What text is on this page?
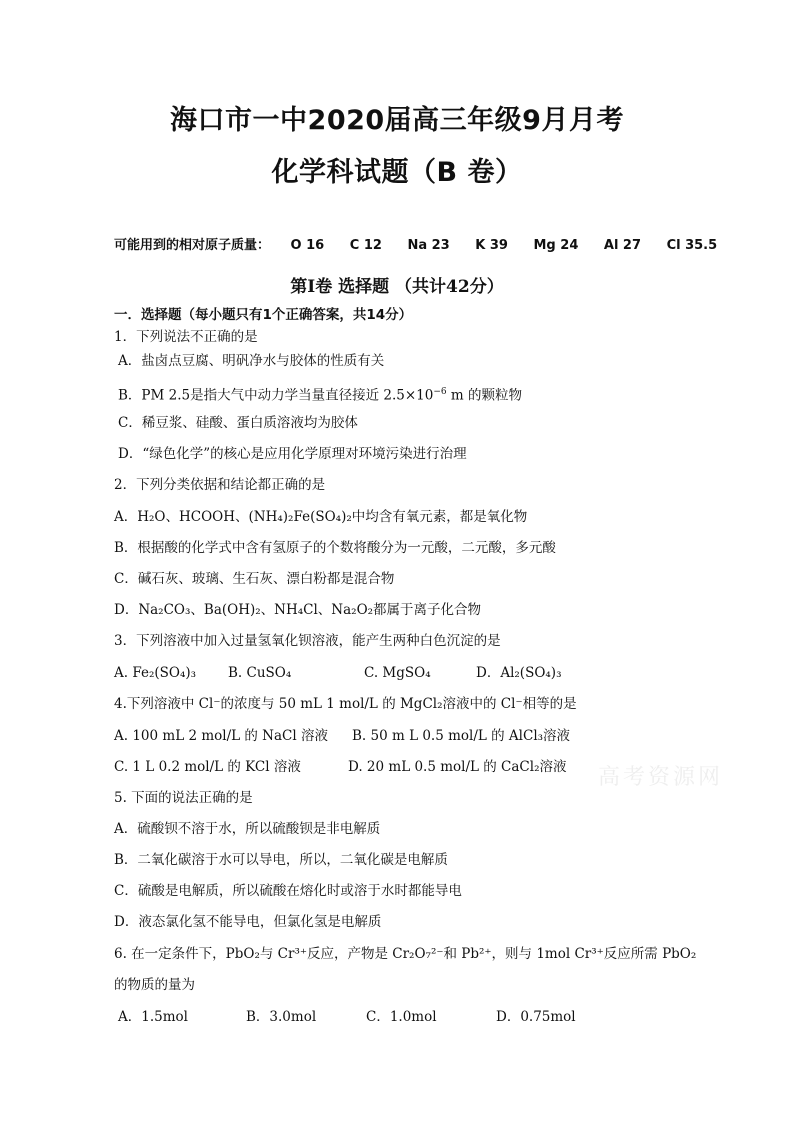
海口市一中2020届高三年级9月月考
化学科试题（B 卷）
可能用到的相对原子质量： O 16 C 12 Na 23 K 39 Mg 24 Al 27 Cl 35.5
第Ⅰ卷 选择题 （共计42分）
一．选择题（每小题只有1个正确答案，共14分）
1．下列说法不正确的是
A．盐卤点豆腐、明矾净水与胶体的性质有关
B．PM 2.5是指大气中动力学当量直径接近 $2.5\times 10^{-6}$ m 的颗粒物
C．稀豆浆、硅酸、蛋白质溶液均为胶体
D．“绿色化学”的核心是应用化学原理对环境污染进行治理
2．下列分类依据和结论都正确的是
A．H₂O、HCOOH、(NH₄)₂Fe(SO₄)₂中均含有氧元素，都是氧化物
B．根据酸的化学式中含有氢原子的个数将酸分为一元酸，二元酸，多元酸
C．碱石灰、玻璃、生石灰、漂白粉都是混合物
D．Na₂CO₃、Ba(OH)₂、NH₄Cl、Na₂O₂都属于离子化合物
3．下列溶液中加入过量氢氧化钡溶液，能产生两种白色沉淀的是
A. Fe₂(SO₄)₃ B. CuSO₄	C. MgSO₄	D．Al₂(SO₄)₃
4.下列溶液中 Cl⁻的浓度与 50 mL 1 mol/L 的 MgCl₂溶液中的 Cl⁻相等的是
A. 100 mL 2 mol/L 的 NaCl 溶液 B. 50 m L 0.5 mol/L 的 AlCl₃溶液
C. 1 L 0.2 mol/L 的 KCl 溶液	D. 20 mL 0.5 mol/L 的 CaCl₂溶液
5. 下面的说法正确的是
A．硫酸钡不溶于水，所以硫酸钡是非电解质
B．二氧化碳溶于水可以导电，所以，二氧化碳是电解质
C．硫酸是电解质，所以硫酸在熔化时或溶于水时都能导电
D．液态氯化氢不能导电，但氯化氢是电解质
6. 在一定条件下，PbO₂与 Cr³⁺反应，产物是 Cr₂O₇²⁻和 Pb²⁺，则与 1mol Cr³⁺反应所需 PbO₂
的物质的量为
A．1.5mol	B．3.0mol	C．1.0mol	D．0.75mol
高考资源网
